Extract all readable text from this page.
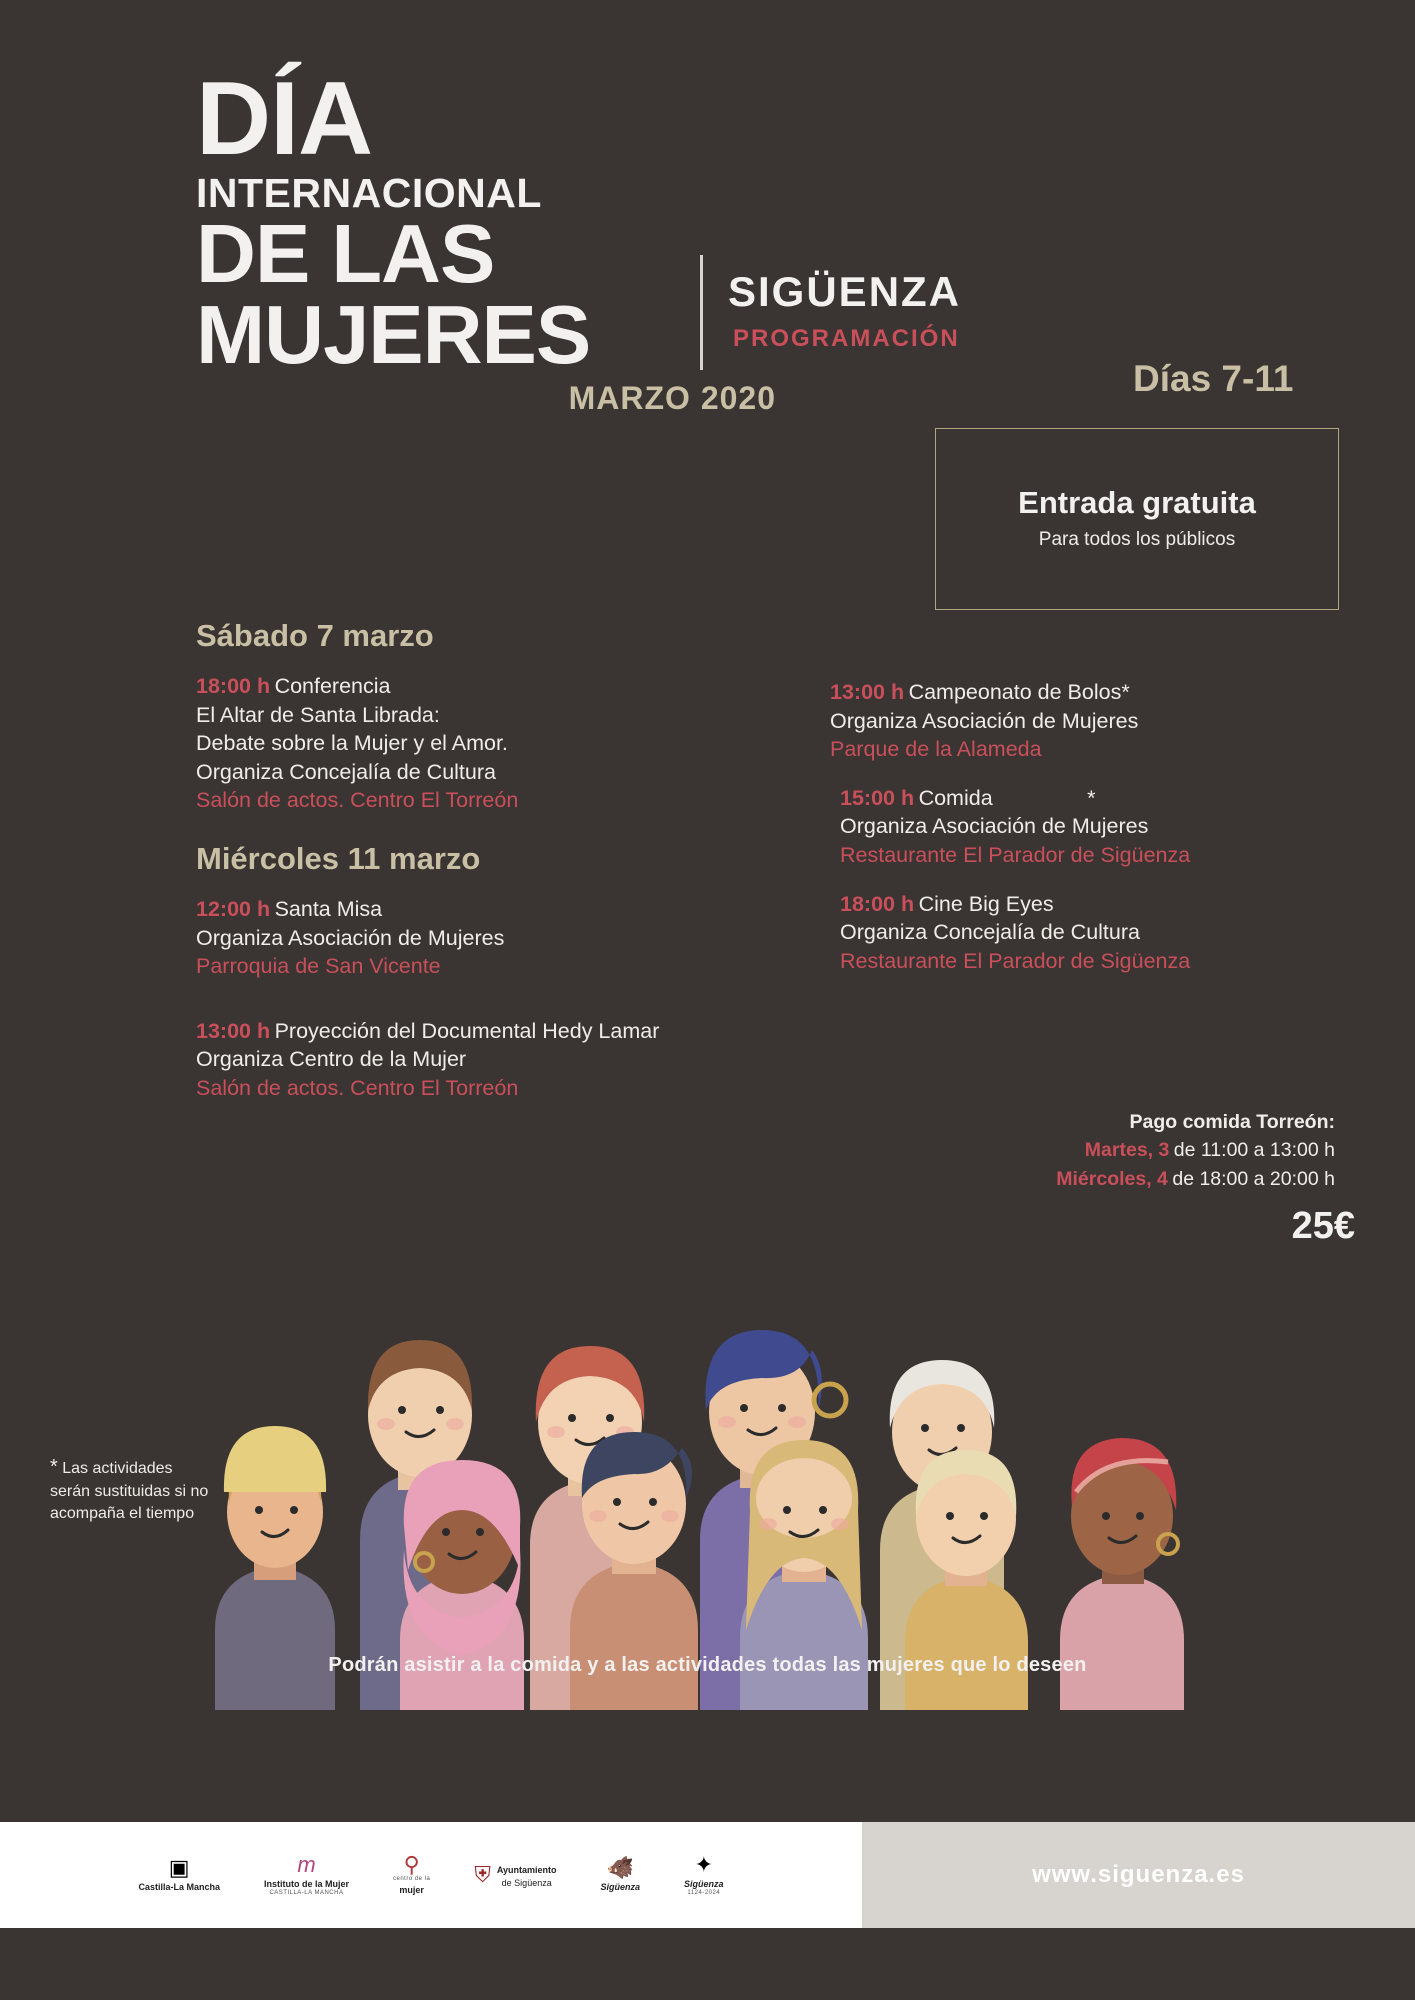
DÍA
INTERNACIONAL
DE LAS
MUJERES
MARZO 2020
SIGÜENZA
PROGRAMACIÓN
Días 7-11
Entrada gratuita
Para todos los públicos
Sábado 7 marzo
18:00 h Conferencia
El Altar de Santa Librada:
Debate sobre la Mujer y el Amor.
Organiza Concejalía de Cultura
Salón de actos. Centro El Torreón
Miércoles 11 marzo
12:00 h Santa Misa
Organiza Asociación de Mujeres
Parroquia de San Vicente
13:00 h Proyección del Documental Hedy Lamar
Organiza Centro de la Mujer
Salón de actos. Centro El Torreón
13:00 h Campeonato de Bolos*
Organiza Asociación de Mujeres
Parque de la Alameda
15:00 h Comida	*
Organiza Asociación de Mujeres
Restaurante El Parador de Sigüenza
18:00 h Cine Big Eyes
Organiza Concejalía de Cultura
Restaurante El Parador de Sigüenza
Pago comida Torreón:
Martes, 3 de 11:00 a 13:00 h
Miércoles, 4 de 18:00 a 20:00 h
25€
* Las actividades serán sustituidas si no acompaña el tiempo
Podrán asistir a la comida y a las actividades todas las mujeres que lo deseen
▣
Castilla-La Mancha
m
Instituto de la Mujer
CASTILLA-LA MANCHA
⚲
centro de la
mujer
⛨ Ayuntamiento
de Sigüenza
🐗
Sigüenza
✦
Sigüenza
1124-2024
www.siguenza.es
